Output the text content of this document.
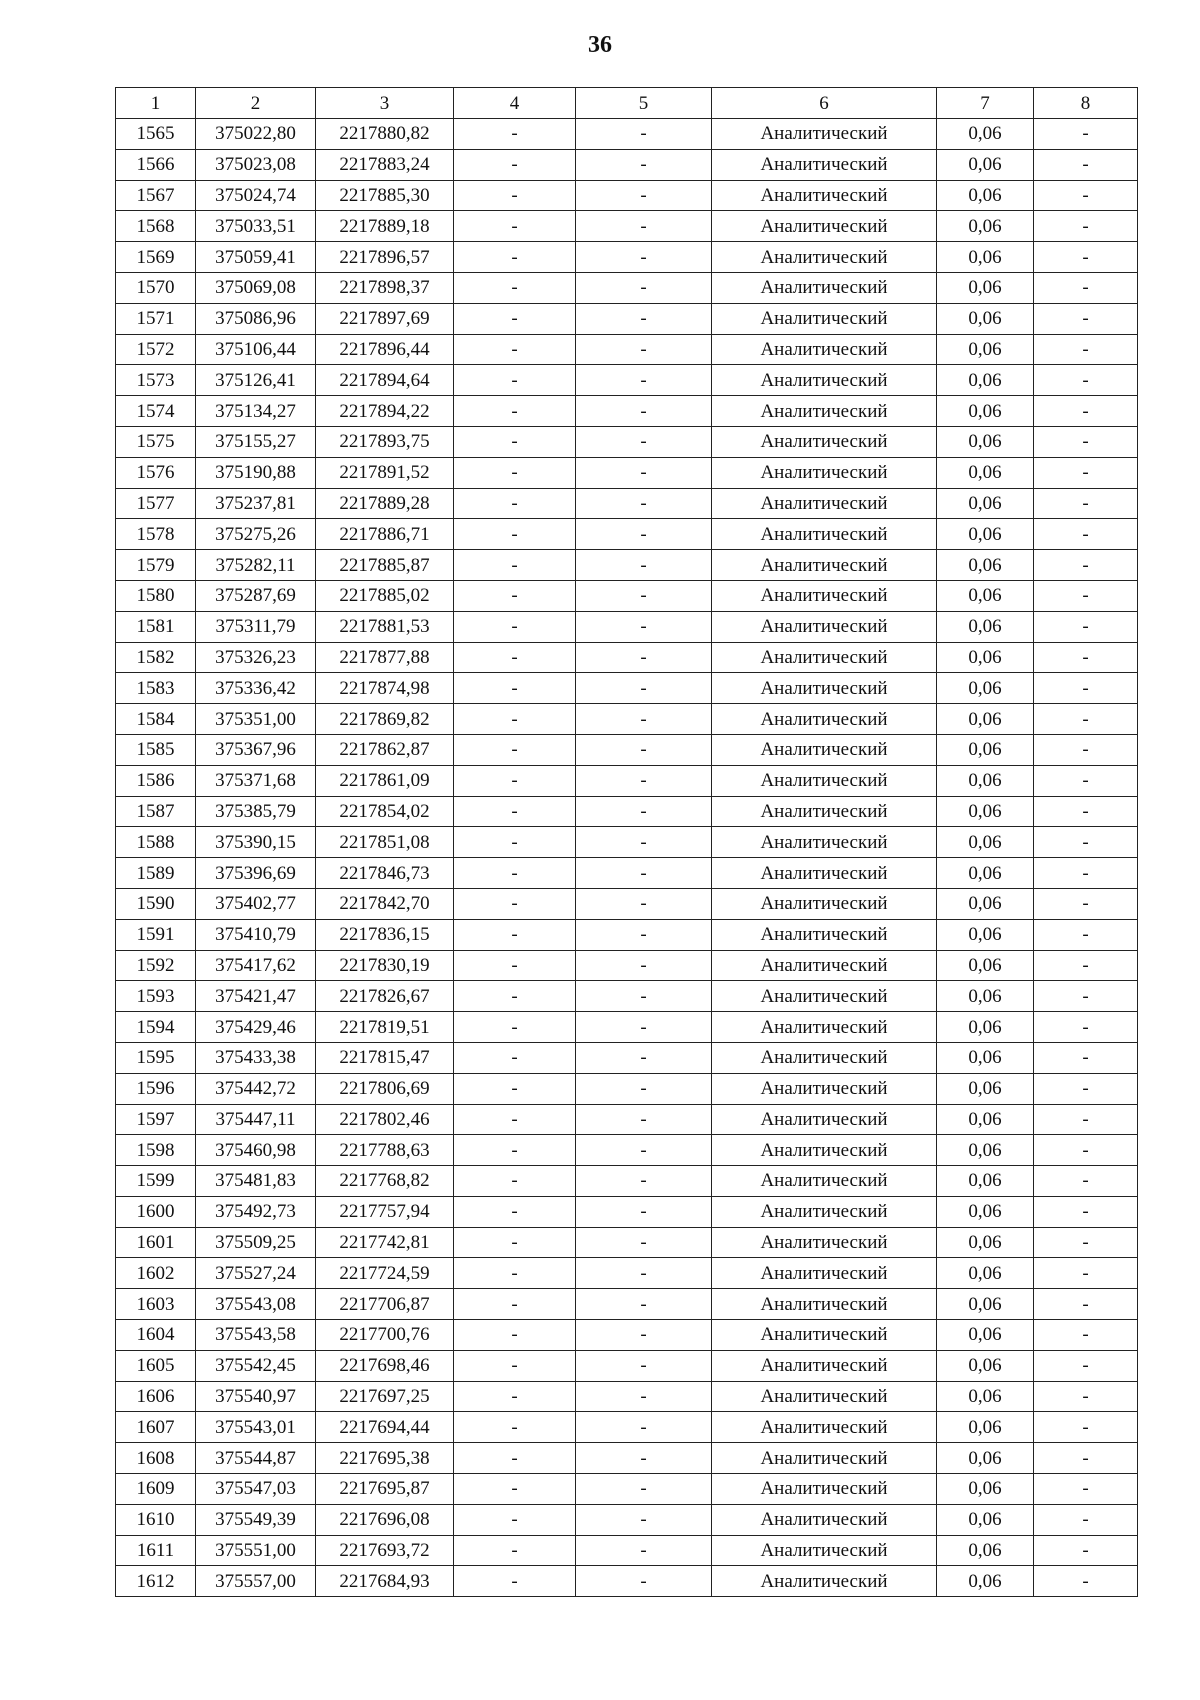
36
1	2	3	4	5	6	7	8
1565	375022,80	2217880,82	-	-	Аналитический	0,06	-
1566	375023,08	2217883,24	-	-	Аналитический	0,06	-
1567	375024,74	2217885,30	-	-	Аналитический	0,06	-
1568	375033,51	2217889,18	-	-	Аналитический	0,06	-
1569	375059,41	2217896,57	-	-	Аналитический	0,06	-
1570	375069,08	2217898,37	-	-	Аналитический	0,06	-
1571	375086,96	2217897,69	-	-	Аналитический	0,06	-
1572	375106,44	2217896,44	-	-	Аналитический	0,06	-
1573	375126,41	2217894,64	-	-	Аналитический	0,06	-
1574	375134,27	2217894,22	-	-	Аналитический	0,06	-
1575	375155,27	2217893,75	-	-	Аналитический	0,06	-
1576	375190,88	2217891,52	-	-	Аналитический	0,06	-
1577	375237,81	2217889,28	-	-	Аналитический	0,06	-
1578	375275,26	2217886,71	-	-	Аналитический	0,06	-
1579	375282,11	2217885,87	-	-	Аналитический	0,06	-
1580	375287,69	2217885,02	-	-	Аналитический	0,06	-
1581	375311,79	2217881,53	-	-	Аналитический	0,06	-
1582	375326,23	2217877,88	-	-	Аналитический	0,06	-
1583	375336,42	2217874,98	-	-	Аналитический	0,06	-
1584	375351,00	2217869,82	-	-	Аналитический	0,06	-
1585	375367,96	2217862,87	-	-	Аналитический	0,06	-
1586	375371,68	2217861,09	-	-	Аналитический	0,06	-
1587	375385,79	2217854,02	-	-	Аналитический	0,06	-
1588	375390,15	2217851,08	-	-	Аналитический	0,06	-
1589	375396,69	2217846,73	-	-	Аналитический	0,06	-
1590	375402,77	2217842,70	-	-	Аналитический	0,06	-
1591	375410,79	2217836,15	-	-	Аналитический	0,06	-
1592	375417,62	2217830,19	-	-	Аналитический	0,06	-
1593	375421,47	2217826,67	-	-	Аналитический	0,06	-
1594	375429,46	2217819,51	-	-	Аналитический	0,06	-
1595	375433,38	2217815,47	-	-	Аналитический	0,06	-
1596	375442,72	2217806,69	-	-	Аналитический	0,06	-
1597	375447,11	2217802,46	-	-	Аналитический	0,06	-
1598	375460,98	2217788,63	-	-	Аналитический	0,06	-
1599	375481,83	2217768,82	-	-	Аналитический	0,06	-
1600	375492,73	2217757,94	-	-	Аналитический	0,06	-
1601	375509,25	2217742,81	-	-	Аналитический	0,06	-
1602	375527,24	2217724,59	-	-	Аналитический	0,06	-
1603	375543,08	2217706,87	-	-	Аналитический	0,06	-
1604	375543,58	2217700,76	-	-	Аналитический	0,06	-
1605	375542,45	2217698,46	-	-	Аналитический	0,06	-
1606	375540,97	2217697,25	-	-	Аналитический	0,06	-
1607	375543,01	2217694,44	-	-	Аналитический	0,06	-
1608	375544,87	2217695,38	-	-	Аналитический	0,06	-
1609	375547,03	2217695,87	-	-	Аналитический	0,06	-
1610	375549,39	2217696,08	-	-	Аналитический	0,06	-
1611	375551,00	2217693,72	-	-	Аналитический	0,06	-
1612	375557,00	2217684,93	-	-	Аналитический	0,06	-
